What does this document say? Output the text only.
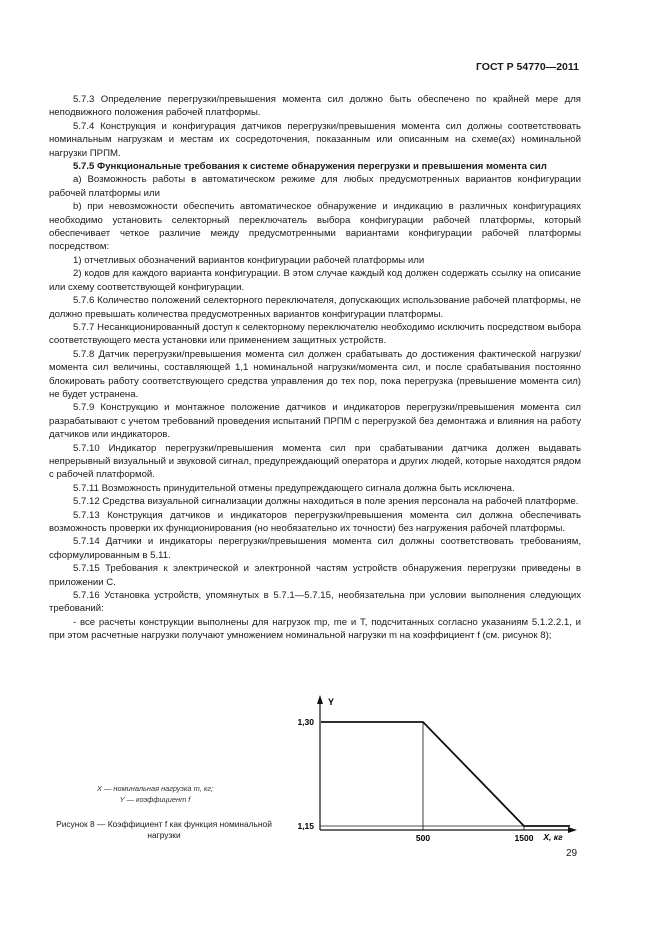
ГОСТ Р 54770—2011

5.7.3 Определение перегрузки/превышения момента сил должно быть обеспечено по крайней мере для неподвижного положения рабочей платформы.

5.7.4 Конструкция и конфигурация датчиков перегрузки/превышения момента сил должны соответствовать номинальным нагрузкам и местам их сосредоточения, показанным или описанным на схеме(ах) номинальной нагрузки ПРПМ.

5.7.5 Функциональные требования к системе обнаружения перегрузки и превышения момента сил

а) Возможность работы в автоматическом режиме для любых предусмотренных вариантов конфигурации рабочей платформы или

b) при невозможности обеспечить автоматическое обнаружение и индикацию в различных конфигурациях необходимо установить селекторный переключатель выбора конфигурации рабочей платформы, который обеспечивает четкое различие между предусмотренными вариантами конфигурации рабочей платформы посредством:

1) отчетливых обозначений вариантов конфигурации рабочей платформы или

2) кодов для каждого варианта конфигурации. В этом случае каждый код должен содержать ссылку на описание или схему соответствующей конфигурации.

5.7.6 Количество положений селекторного переключателя, допускающих использование рабочей платформы, не должно превышать количества предусмотренных вариантов конфигурации платформы.

5.7.7 Несанкционированный доступ к селекторному переключателю необходимо исключить посредством выбора соответствующего места установки или применением защитных устройств.

5.7.8 Датчик перегрузки/превышения момента сил должен срабатывать до достижения фактической нагрузки/момента сил величины, составляющей 1,1 номинальной нагрузки/момента сил, и после срабатывания постоянно блокировать работу соответствующего средства управления до тех пор, пока перегрузка (превышение момента сил) не будет устранена.

5.7.9 Конструкцию и монтажное положение датчиков и индикаторов перегрузки/превышения момента сил разрабатывают с учетом требований проведения испытаний ПРПМ с перегрузкой без демонтажа и влияния на работу датчиков или индикаторов.

5.7.10 Индикатор перегрузки/превышения момента сил при срабатывании датчика должен выдавать непрерывный визуальный и звуковой сигнал, предупреждающий оператора и других людей, которые находятся рядом с рабочей платформой.

5.7.11 Возможность принудительной отмены предупреждающего сигнала должна быть исключена.

5.7.12 Средства визуальной сигнализации должны находиться в поле зрения персонала на рабочей платформе.

5.7.13 Конструкция датчиков и индикаторов перегрузки/превышения момента сил должна обеспечивать возможность проверки их функционирования (но необязательно их точности) без нагружения рабочей платформы.

5.7.14 Датчики и индикаторы перегрузки/превышения момента сил должны соответствовать требованиям, сформулированным в 5.11.

5.7.15 Требования к электрической и электронной частям устройств обнаружения перегрузки приведены в приложении С.

5.7.16 Установка устройств, упомянутых в 5.7.1—5.7.15, необязательна при условии выполнения следующих требований:

- все расчеты конструкции выполнены для нагрузок mp, me и T, подсчитанных согласно указаниям 5.1.2.2.1, и при этом расчетные нагрузки получают умножением номинальной нагрузки m на коэффициент f (см. рисунок 8);

1,30
1,15
500	1500
Y
X, кг
X — номинальная нагрузка m, кг;
Y — коэффициент f
Рисунок 8 — Коэффициент f как функция номинальной нагрузки
29
